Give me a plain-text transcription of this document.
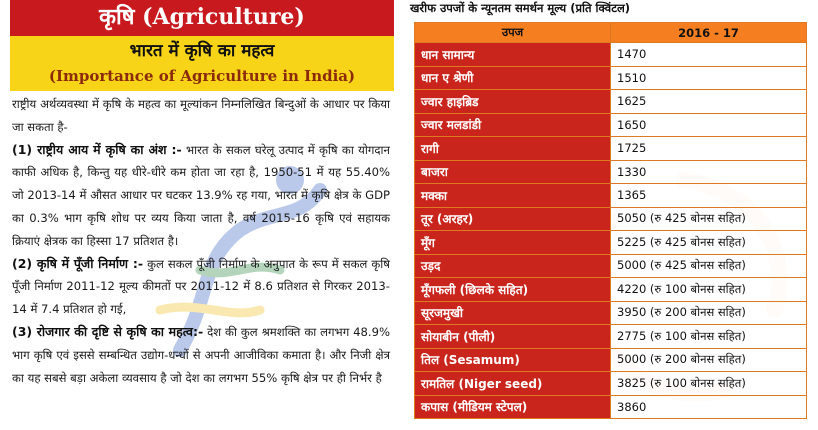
कृषि (Agriculture)
भारत में कृषि का महत्व
(Importance of Agriculture in India)

राष्ट्रीय अर्थव्यवस्था में कृषि के महत्व का मूल्यांकन निम्नलिखित बिन्दुओं के आधार पर किया जा सकता है-

(1) राष्ट्रीय आय में कृषि का अंश :- भारत के सकल घरेलू उत्पाद में कृषि का योगदान काफी अधिक है, किन्तु यह धीरे-धीरे कम होता जा रहा है, 1950-51 में यह 55.40% जो 2013-14 में औसत आधार पर घटकर 13.9% रह गया, भारत में कृषि क्षेत्र के GDP का 0.3% भाग कृषि शोध पर व्यय किया जाता है, वर्ष 2015-16 कृषि एवं सहायक क्रियाएं क्षेत्रक का हिस्सा 17 प्रतिशत है।

(2) कृषि में पूँजी निर्माण :- कुल सकल पूँजी निर्माण के अनुपात के रूप में सकल कृषि पूँजी निर्माण 2011-12 मूल्य कीमतों पर 2011-12 में 8.6 प्रतिशत से गिरकर 2013-14 में 7.4 प्रतिशत हो गई,

(3) रोजगार की दृष्टि से कृषि का महत्व:- देश की कुल श्रमशक्ति का लगभग 48.9% भाग कृषि एवं इससे सम्बन्धित उद्योग-धन्धों से अपनी आजीविका कमाता है। और निजी क्षेत्र का यह सबसे बड़ा अकेला व्यवसाय है जो देश का लगभग 55% कृषि क्षेत्र पर ही निर्भर है

खरीफ उपजों के न्यूनतम समर्थन मूल्य (प्रति क्विंटल)
उपज	2016 - 17
धान सामान्य	1470
धान ए श्रेणी	1510
ज्वार हाइब्रिड	1625
ज्वार मलडांडी	1650
रागी	1725
बाजरा	1330
मक्का	1365
तूर (अरहर)	5050 (रु 425 बोनस सहित)
मूँग	5225 (रु 425 बोनस सहित)
उड़द	5000 (रु 425 बोनस सहित)
मूँगफली (छिलके सहित)	4220 (रु 100 बोनस सहित)
सूरजमुखी	3950 (रु 200 बोनस सहित)
सोयाबीन (पीली)	2775 (रु 100 बोनस सहित)
तिल (Sesamum)	5000 (रु 200 बोनस सहित)
रामतिल (Niger seed)	3825 (रु 100 बोनस सहित)
कपास (मीडियम स्टेपल)	3860
